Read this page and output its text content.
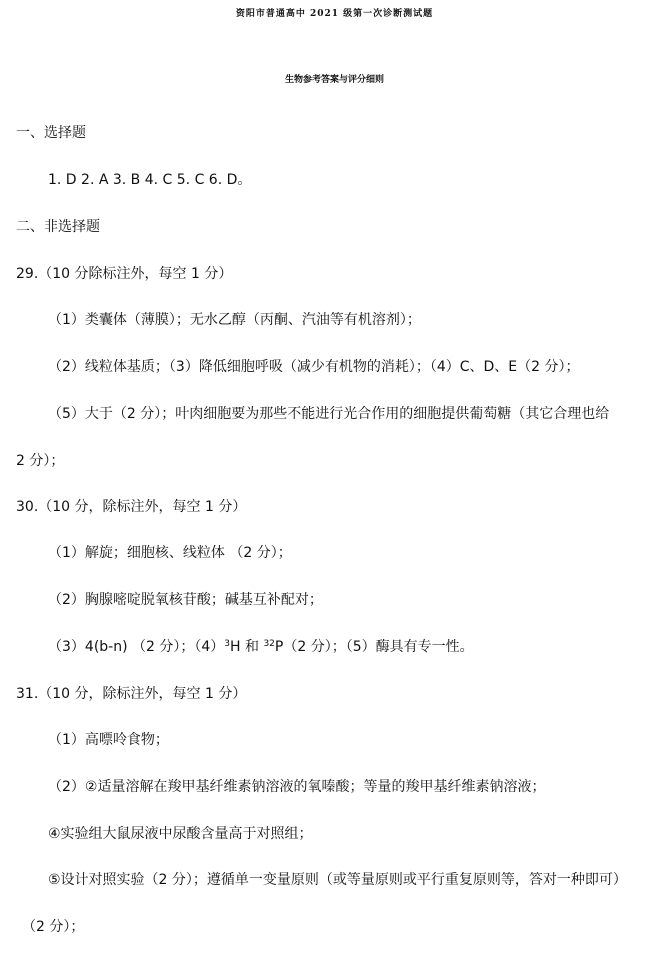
资阳市普通高中 2021 级第一次诊断测试题
生物参考答案与评分细则
一、选择题
1. D 2. A 3. B 4. C 5. C 6. D。
二、非选择题
29.（10 分除标注外，每空 1 分）
（1）类囊体（薄膜）；无水乙醇（丙酮、汽油等有机溶剂）；
（2）线粒体基质；（3）降低细胞呼吸（减少有机物的消耗）；（4）C、D、E（2 分）；
（5）大于（2 分）；叶肉细胞要为那些不能进行光合作用的细胞提供葡萄糖（其它合理也给
2 分）；
30.（10 分，除标注外，每空 1 分）
（1）解旋；细胞核、线粒体 （2 分）；
（2）胸腺嘧啶脱氧核苷酸；碱基互补配对；
（3）4(b-n) （2 分）；$(4)^3H$ 和 $^{32}$P（2 分）；（5）酶具有专一性。
31.（10 分，除标注外，每空 1 分）
（1）高嘌呤食物；
（2）②适量溶解在羧甲基纤维素钠溶液的氧嗪酸；等量的羧甲基纤维素钠溶液；
④实验组大鼠尿液中尿酸含量高于对照组；
⑤设计对照实验（2 分）；遵循单一变量原则（或等量原则或平行重复原则等，答对一种即可）
（2 分）；
